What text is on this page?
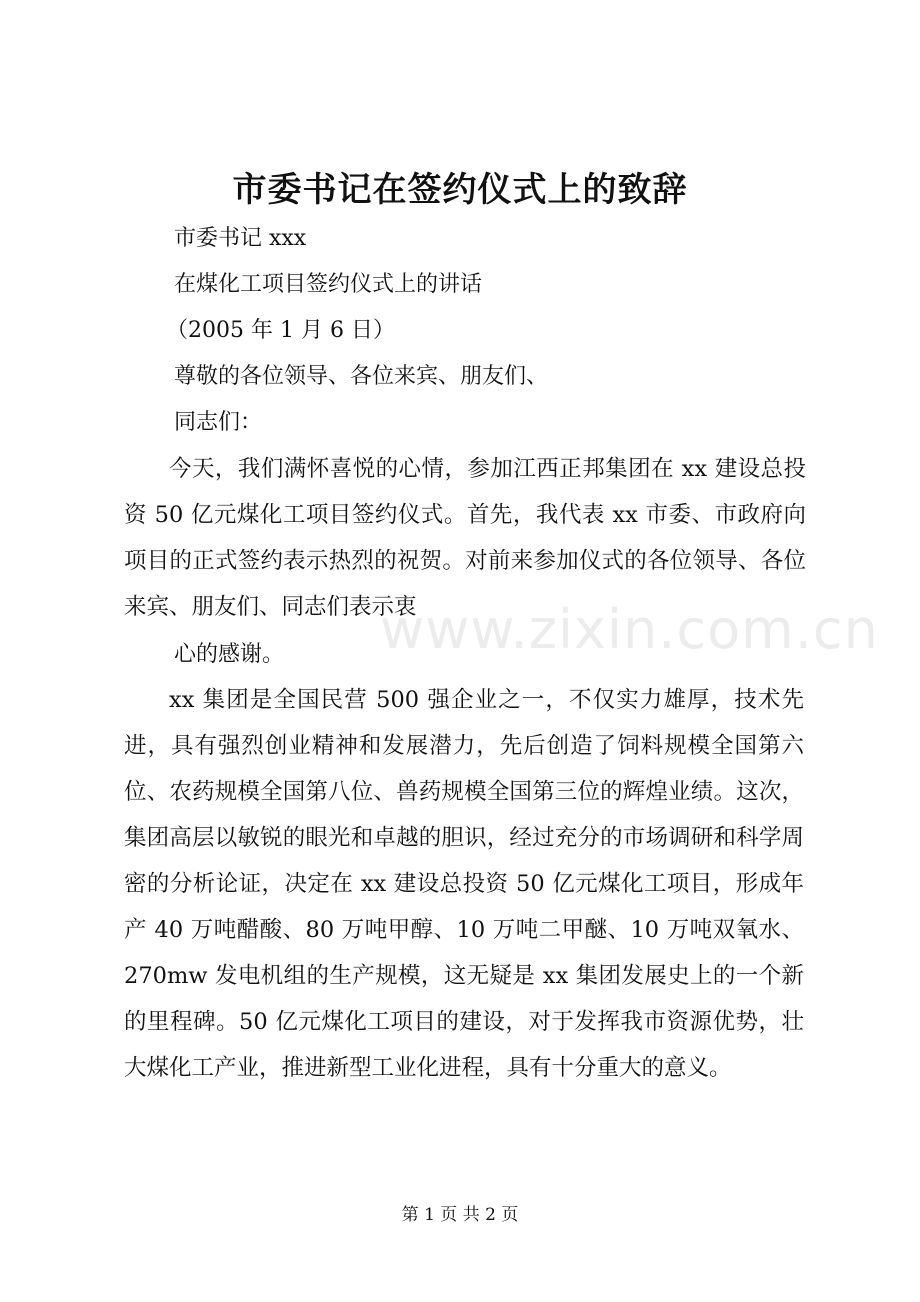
市委书记在签约仪式上的致辞
市委书记 xxx
在煤化工项目签约仪式上的讲话
（2005 年 1 月 6 日）
尊敬的各位领导、各位来宾、朋友们、
同志们：

今天，我们满怀喜悦的心情，参加江西正邦集团在 xx 建设总投资 50 亿元煤化工项目签约仪式。首先，我代表 xx 市委、市政府向项目的正式签约表示热烈的祝贺。对前来参加仪式的各位领导、各位来宾、朋友们、同志们表示衷

心的感谢。

xx 集团是全国民营 500 强企业之一，不仅实力雄厚，技术先进，具有强烈创业精神和发展潜力，先后创造了饲料规模全国第六位、农药规模全国第八位、兽药规模全国第三位的辉煌业绩。这次，集团高层以敏锐的眼光和卓越的胆识，经过充分的市场调研和科学周密的分析论证，决定在 xx 建设总投资 50 亿元煤化工项目，形成年产 40 万吨醋酸、80 万吨甲醇、10 万吨二甲醚、10 万吨双氧水、270mw 发电机组的生产规模，这无疑是 xx 集团发展史上的一个新的里程碑。50 亿元煤化工项目的建设，对于发挥我市资源优势，壮大煤化工产业，推进新型工业化进程，具有十分重大的意义。

www.zixin.com.cn
第 1 页 共 2 页
